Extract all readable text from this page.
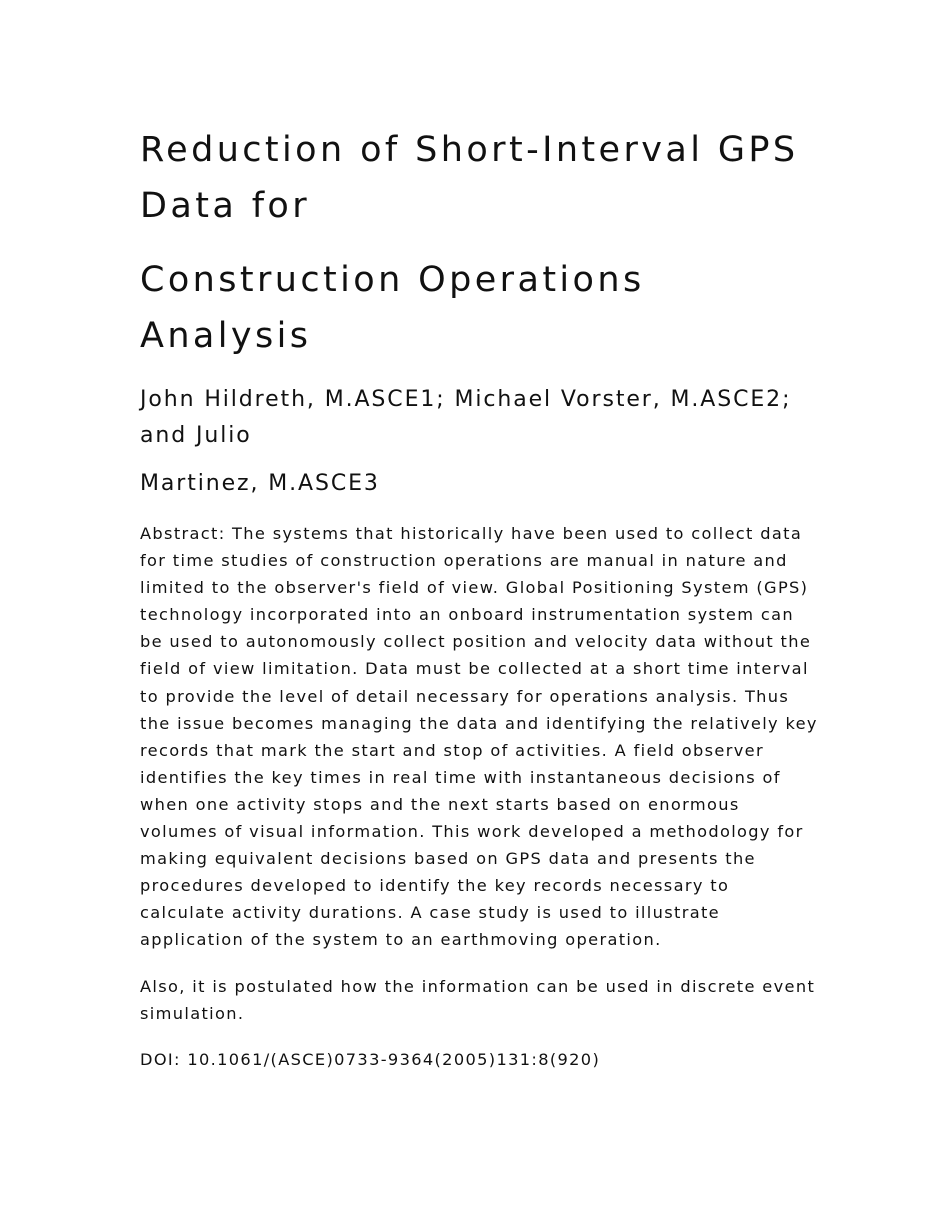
Reduction of Short-Interval GPS Data for
Construction Operations Analysis

John Hildreth, M.ASCE1; Michael Vorster, M.ASCE2; and Julio

Martinez, M.ASCE3

Abstract: The systems that historically have been used to collect data for time studies of construction operations are manual in nature and limited to the observer's field of view. Global Positioning System (GPS) technology incorporated into an onboard instrumentation system can be used to autonomously collect position and velocity data without the field of view limitation. Data must be collected at a short time interval to provide the level of detail necessary for operations analysis. Thus the issue becomes managing the data and identifying the relatively key records that mark the start and stop of activities. A field observer identifies the key times in real time with instantaneous decisions of when one activity stops and the next starts based on enormous volumes of visual information. This work developed a methodology for making equivalent decisions based on GPS data and presents the procedures developed to identify the key records necessary to calculate activity durations. A case study is used to illustrate application of the system to an earthmoving operation.

Also, it is postulated how the information can be used in discrete event simulation.

DOI: 10.1061/(ASCE)0733-9364(2005)131:8(920)
